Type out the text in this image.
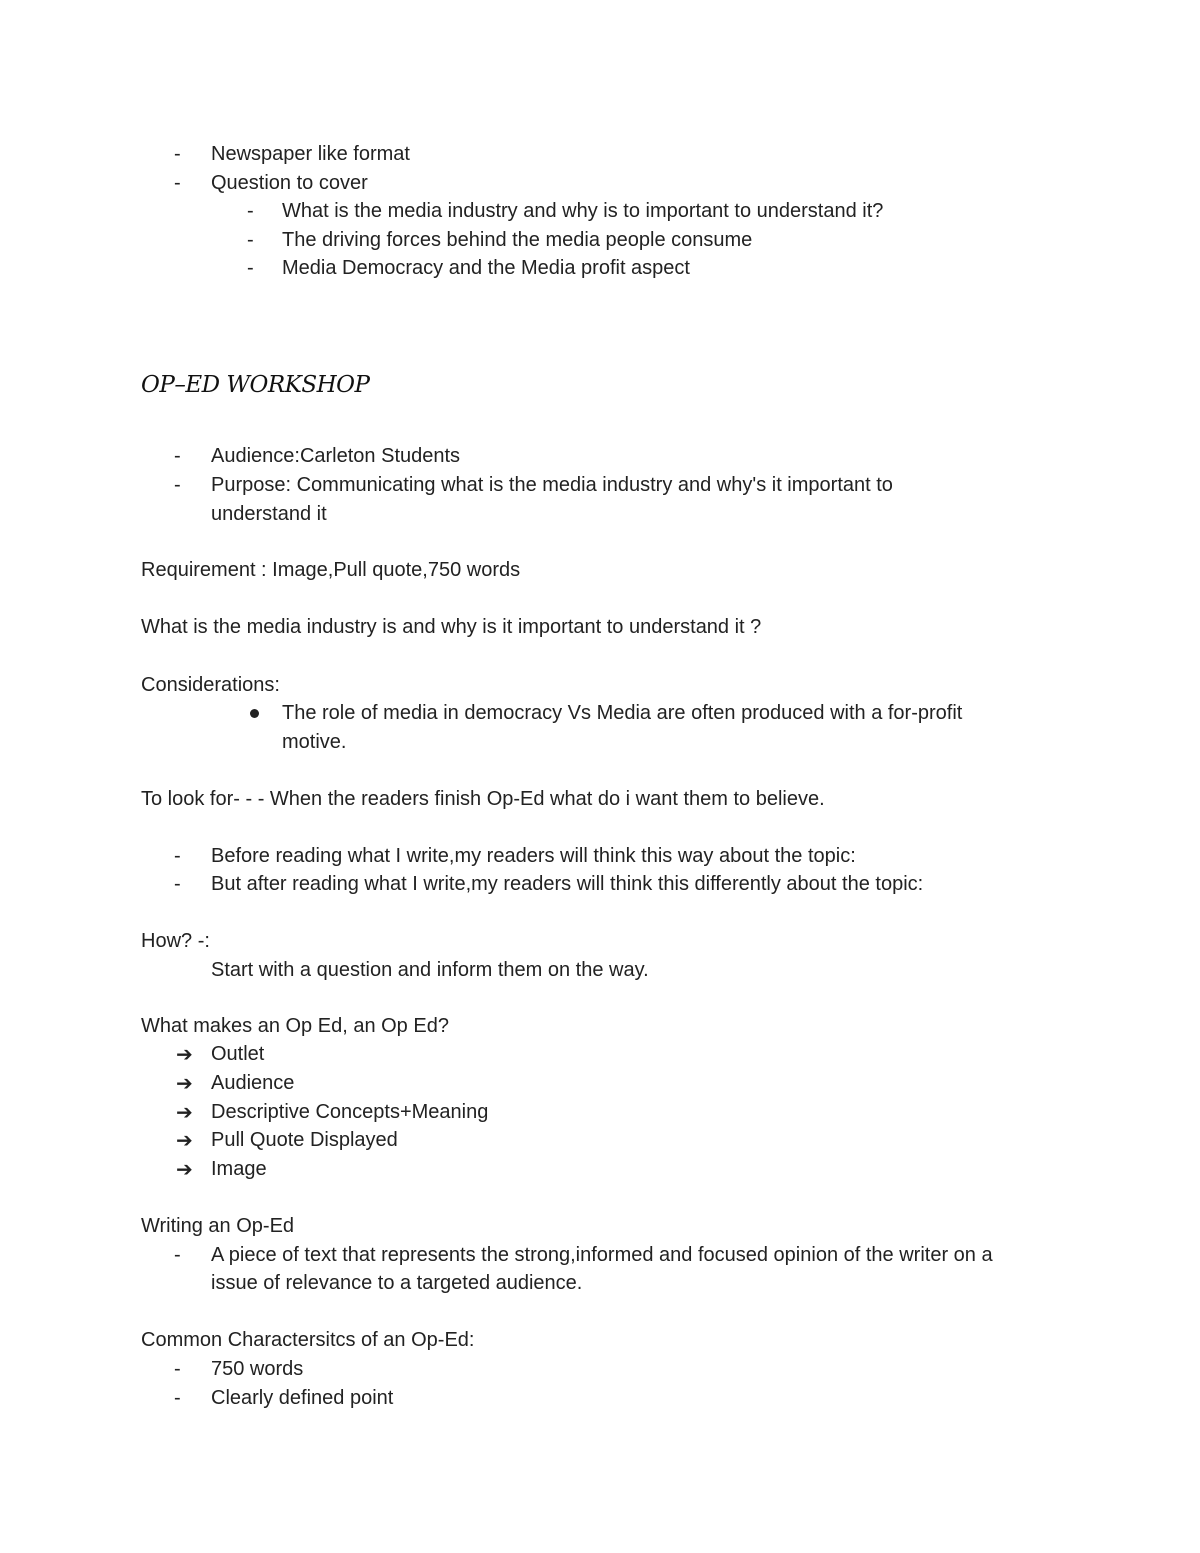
- Newspaper like format
- Question to cover
- What is the media industry and why is to important to understand it?
- The driving forces behind the media people consume
- Media Democracy and the Media profit aspect
OP–ED WORKSHOP
- Audience:Carleton Students
- Purpose: Communicating what is the media industry and why's it important to
understand it
Requirement : Image,Pull quote,750 words
What is the media industry is and why is it important to understand it ?
Considerations:
The role of media in democracy Vs Media are often produced with a for-profit
motive.
To look for- - - When the readers finish Op-Ed what do i want them to believe.
- Before reading what I write,my readers will think this way about the topic:
- But after reading what I write,my readers will think this differently about the topic:
How? -:
Start with a question and inform them on the way.
What makes an Op Ed, an Op Ed?
➔ Outlet
➔ Audience
➔ Descriptive Concepts+Meaning
➔ Pull Quote Displayed
➔ Image
Writing an Op-Ed
- A piece of text that represents the strong,informed and focused opinion of the writer on a
issue of relevance to a targeted audience.
Common Charactersitcs of an Op-Ed:
- 750 words
- Clearly defined point
